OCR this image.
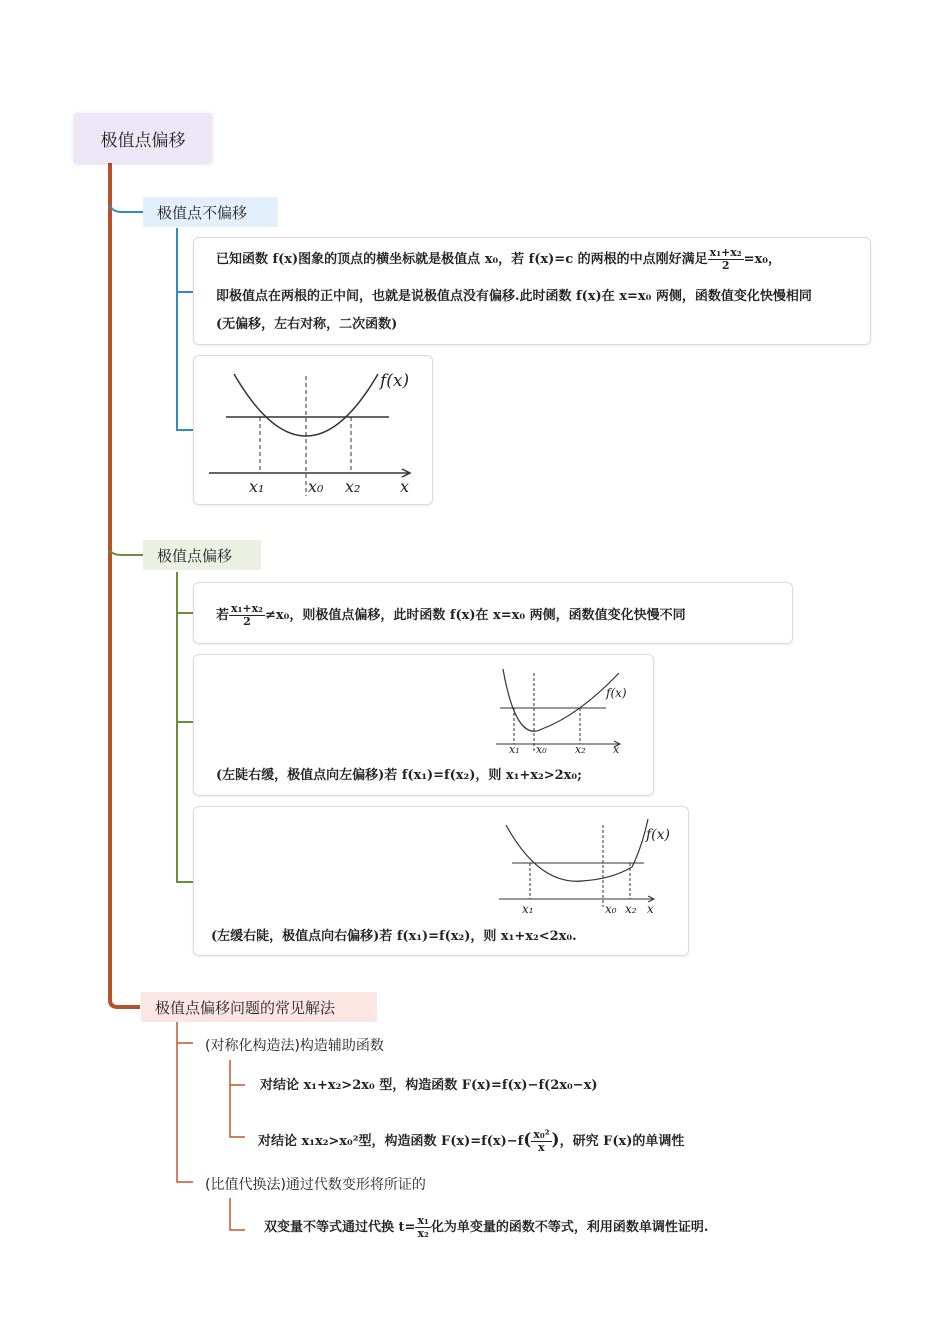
极值点偏移
极值点不偏移
已知函数 f(x)图象的顶点的横坐标就是极值点 x₀，若 f(x)=c 的两根的中点刚好满足 $\frac{\text{x₁+x₂}}{2} =x_0$，
即极值点在两根的正中间，也就是说极值点没有偏移.此时函数 f(x)在 x=x₀ 两侧，函数值变化快慢相同
(无偏移，左右对称，二次函数)
f(x)
x₁	x₀ x₂ x
极值点偏移
若 $\frac{\text{x₁+x₂}}{2} \ne x_0$，则极值点偏移，此时函数 f(x)在 x=x₀ 两侧，函数值变化快慢不同
f(x)
x₁ x₀	x₂ x
(左陡右缓，极值点向左偏移)若 f(x₁)=f(x₂)，则 x₁+x₂>2x₀;
f(x)
x₁	x₀ x₂ x
(左缓右陡，极值点向右偏移)若 f(x₁)=f(x₂)，则 x₁+x₂<2x₀.
极值点偏移问题的常见解法
(对称化构造法)构造辅助函数
对结论 x₁+x₂>2x₀ 型，构造函数 F(x)=f(x)−f(2x₀−x)
对结论 x₁x₂>x₀²型，构造函数 $F(x)=f(x)-f( \frac{\text{x₀²}}{x}$ )，研究 F(x)的单调性
(比值代换法)通过代数变形将所证的
双变量不等式通过代换 $t= \frac{\text{x₁}}{\text{x₂}}$ 化为单变量的函数不等式，利用函数单调性证明.
